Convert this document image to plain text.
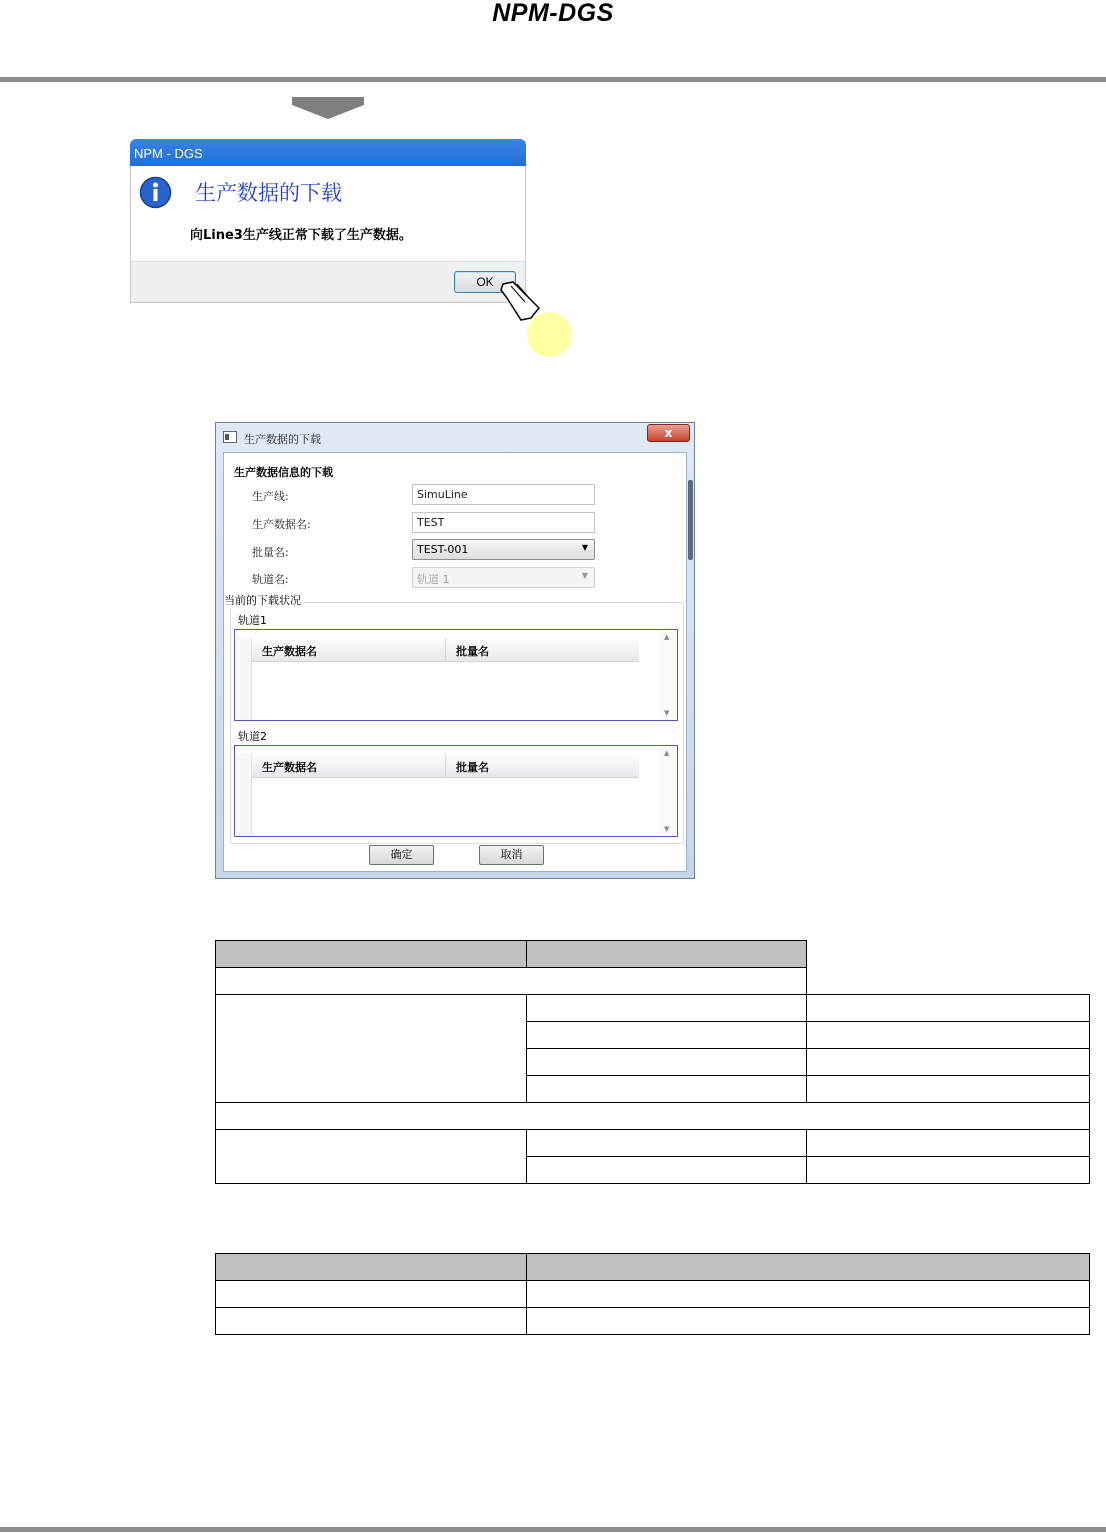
NPM-DGS
NPM - DGS
生产数据的下载
向Line3生产线正常下载了生产数据。
OK
生产数据的下载	x
生产数据信息的下载
生产线:	SimuLine
生产数据名:	TEST
批量名:	TEST-001	▼
轨道名:	轨道 1	▼
当前的下载状况
轨道1
生产数据名	批量名
▲
▼
轨道2
生产数据名	批量名
▲
▼
确定	取消
